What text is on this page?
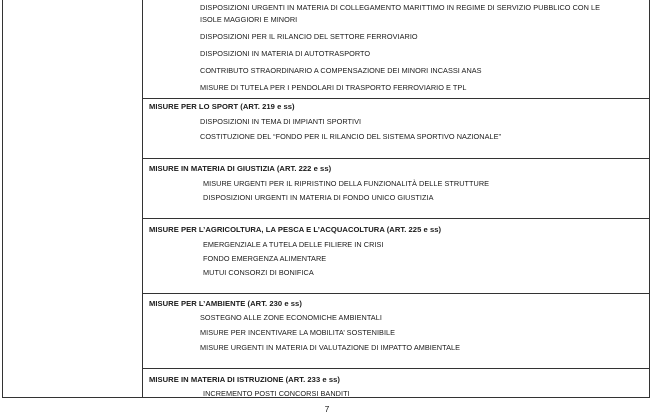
DISPOSIZIONI URGENTI IN MATERIA DI COLLEGAMENTO MARITTIMO IN REGIME DI SERVIZIO PUBBLICO CON LE
ISOLE MAGGIORI E MINORI
DISPOSIZIONI PER IL RILANCIO DEL SETTORE FERROVIARIO
DISPOSIZIONI IN MATERIA DI AUTOTRASPORTO
CONTRIBUTO STRAORDINARIO A COMPENSAZIONE DEI MINORI INCASSI ANAS
MISURE DI TUTELA PER I PENDOLARI DI TRASPORTO FERROVIARIO E TPL
MISURE PER LO SPORT (ART. 219 e ss)
DISPOSIZIONI IN TEMA DI IMPIANTI SPORTIVI
COSTITUZIONE DEL “FONDO PER IL RILANCIO DEL SISTEMA SPORTIVO NAZIONALE”
MISURE IN MATERIA DI GIUSTIZIA (ART. 222 e ss)
MISURE URGENTI PER IL RIPRISTINO DELLA FUNZIONALITÀ DELLE STRUTTURE
DISPOSIZIONI URGENTI IN MATERIA DI FONDO UNICO GIUSTIZIA
MISURE PER L’AGRICOLTURA, LA PESCA E L’ACQUACOLTURA (ART. 225 e ss)
EMERGENZIALE A TUTELA DELLE FILIERE IN CRISI
FONDO EMERGENZA ALIMENTARE
MUTUI CONSORZI DI BONIFICA
MISURE PER L’AMBIENTE (ART. 230 e ss)
SOSTEGNO ALLE ZONE ECONOMICHE AMBIENTALI
MISURE PER INCENTIVARE LA MOBILITA’ SOSTENIBILE
MISURE URGENTI IN MATERIA DI VALUTAZIONE DI IMPATTO AMBIENTALE
MISURE IN MATERIA DI ISTRUZIONE (ART. 233 e ss)
INCREMENTO POSTI CONCORSI BANDITI
7
